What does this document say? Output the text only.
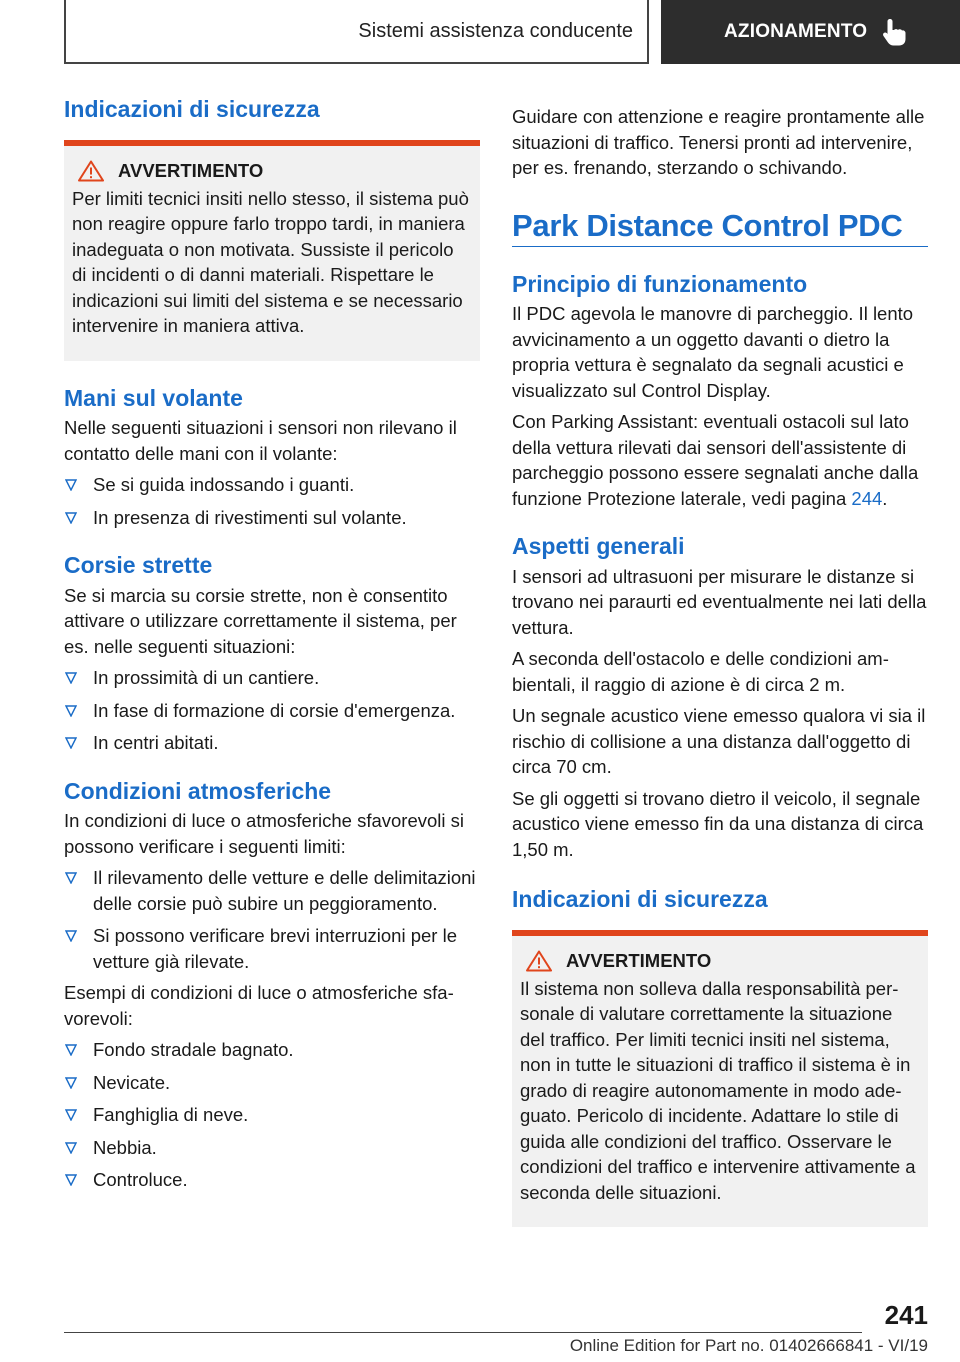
Sistemi assistenza conducente	AZIONAMENTO
Indicazioni di sicurezza
AVVERTIMENTO

Per limiti tecnici insiti nello stesso, il sistema può non reagire oppure farlo troppo tardi, in maniera inadeguata o non motivata. Sussiste il pericolo di incidenti o di danni materiali. Rispettare le indicazioni sui limiti del sistema e se necessario intervenire in maniera attiva.

Mani sul volante

Nelle seguenti situazioni i sensori non rilevano il contatto delle mani con il volante:

Se si guida indossando i guanti.
In presenza di rivestimenti sul volante.
Corsie strette

Se si marcia su corsie strette, non è consentito attivare o utilizzare correttamente il sistema, per es. nelle seguenti situazioni:

In prossimità di un cantiere.
In fase di formazione di corsie d'emergenza.
In centri abitati.
Condizioni atmosferiche

In condizioni di luce o atmosferiche sfavorevoli si possono verificare i seguenti limiti:

Il rilevamento delle vetture e delle delimitazioni delle corsie può subire un peggioramento.
Si possono verificare brevi interruzioni per le vetture già rilevate.

Esempi di condizioni di luce o atmosferiche sfavorevoli:

Fondo stradale bagnato.
Nevicate.
Fanghiglia di neve.
Nebbia.
Controluce.

Guidare con attenzione e reagire prontamente alle situazioni di traffico. Tenersi pronti ad intervenire, per es. frenando, sterzando o schivando.

Park Distance Control PDC
Principio di funzionamento

Il PDC agevola le manovre di parcheggio. Il lento avvicinamento a un oggetto davanti o dietro la propria vettura è segnalato da segnali acustici e visualizzato sul Control Display.

Con Parking Assistant: eventuali ostacoli sul lato della vettura rilevati dai sensori dell'assistente di parcheggio possono essere segnalati anche dalla funzione Protezione laterale, vedi pagina 244.

Aspetti generali

I sensori ad ultrasuoni per misurare le distanze si trovano nei paraurti ed eventualmente nei lati della vettura.

A seconda dell'ostacolo e delle condizioni ambientali, il raggio di azione è di circa 2 m.

Un segnale acustico viene emesso qualora vi sia il rischio di collisione a una distanza dall'oggetto di circa 70 cm.

Se gli oggetti si trovano dietro il veicolo, il segnale acustico viene emesso fin da una distanza di circa 1,50 m.

Indicazioni di sicurezza
AVVERTIMENTO

Il sistema non solleva dalla responsabilità personale di valutare correttamente la situazione del traffico. Per limiti tecnici insiti nel sistema, non in tutte le situazioni di traffico il sistema è in grado di reagire autonomamente in modo adeguato. Pericolo di incidente. Adattare lo stile di guida alle condizioni del traffico. Osservare le condizioni del traffico e intervenire attivamente a seconda delle situazioni.

241
Online Edition for Part no. 01402666841 - VI/19
